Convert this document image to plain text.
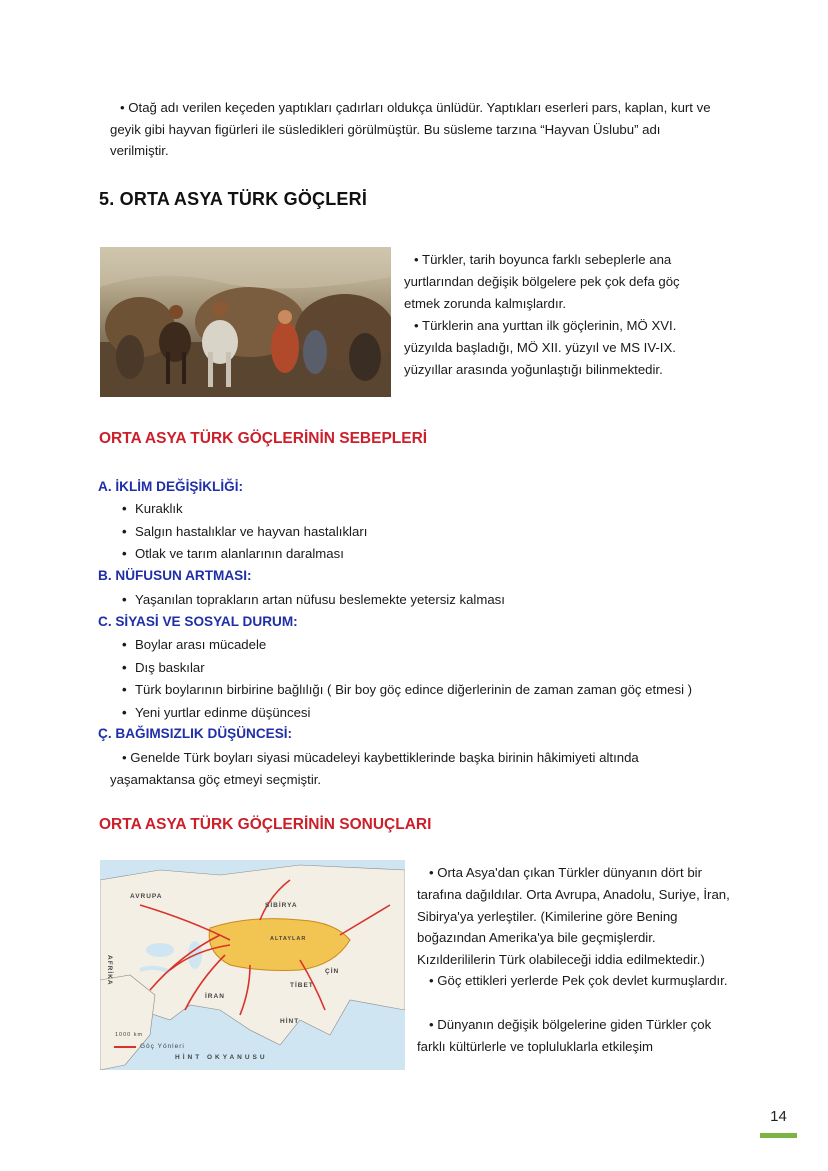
• Otağ adı verilen keçeden yaptıkları çadırları oldukça ünlüdür. Yaptıkları eserleri pars, kaplan, kurt ve geyik gibi hayvan figürleri ile süsledikleri görülmüştür. Bu süsleme tarzına “Hayvan Üslubu” adı verilmiştir.

5. ORTA ASYA TÜRK GÖÇLERİ

• Türkler, tarih boyunca farklı sebeplerle ana yurtlarından değişik bölgelere pek çok defa göç etmek zorunda kalmışlardır.

• Türklerin ana yurttan ilk göçlerinin, MÖ XVI. yüzyılda başladığı, MÖ XII. yüzyıl ve MS IV-IX. yüzyıllar arasında yoğunlaştığı bilinmektedir.

ORTA ASYA TÜRK GÖÇLERİNİN SEBEPLERİ
A. İKLİM DEĞİŞİKLİĞİ:
•Kuraklık
•Salgın hastalıklar ve hayvan hastalıkları
•Otlak ve tarım alanlarının daralması
B. NÜFUSUN ARTMASI:
•Yaşanılan toprakların artan nüfusu beslemekte yetersiz kalması
C. SİYASİ VE SOSYAL DURUM:
•Boylar arası mücadele
•Dış baskılar
•Türk boylarının birbirine bağlılığı ( Bir boy göç edince diğerlerinin de zaman zaman göç etmesi )
•Yeni yurtlar edinme düşüncesi
Ç. BAĞIMSIZLIK DÜŞÜNCESİ:

• Genelde Türk boyları siyasi mücadeleyi kaybettiklerinde başka birinin hâkimiyeti altında yaşamaktansa göç etmeyi seçmiştir.

ORTA ASYA TÜRK GÖÇLERİNİN SONUÇLARI
AVRUPA
SİBİRYA
AFRİKA
ALTAYLAR
İRAN
TİBET
ÇİN
HİNT
HİNT OKYANUSU
Göç Yönleri
1000 km

• Orta Asya'dan çıkan Türkler dünyanın dört bir tarafına dağıldılar. Orta Avrupa, Anadolu, Suriye, İran, Sibirya'ya yerleştiler. (Kimilerine göre Bening boğazından Amerika'ya bile geçmişlerdir. Kızılderililerin Türk olabileceği iddia edilmektedir.)

• Göç ettikleri yerlerde Pek çok devlet kurmuşlardır.

• Dünyanın değişik bölgelerine giden Türkler çok farklı kültürlerle ve topluluklarla etkileşim

14
